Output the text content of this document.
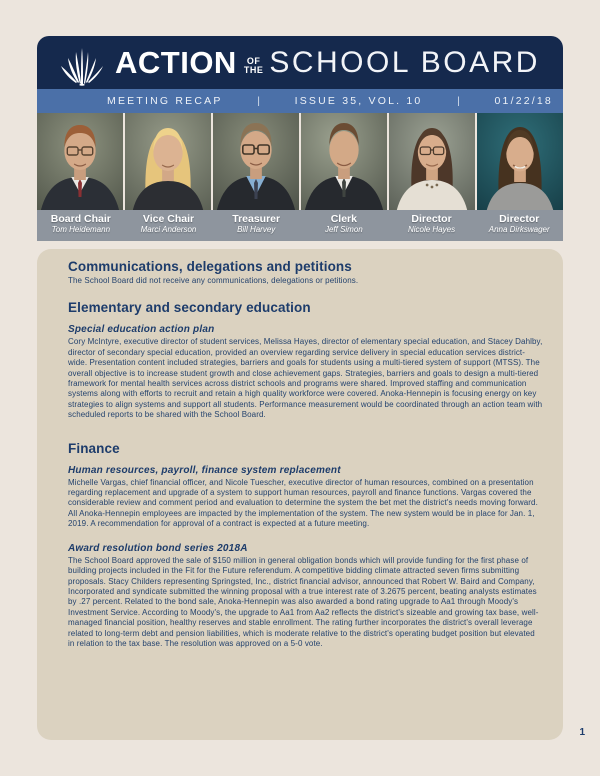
ACTION OF
THE SCHOOL BOARD
MEETING RECAP	|	ISSUE 35, VOL. 10	|	01/22/18
Board Chair
Tom Heidemann
Vice Chair
Marci Anderson
Treasurer
Bill Harvey
Clerk
Jeff Simon
Director
Nicole Hayes
Director
Anna Dirkswager
Communications, delegations and petitions

The School Board did not receive any communications, delegations or petitions.

Elementary and secondary education
Special education action plan

Cory McIntyre, executive director of student services, Melissa Hayes, director of elementary special education, and Stacey Dahlby, director of secondary special education, provided an overview regarding service delivery in special education services district-wide. Presentation content included strategies, barriers and goals for students using a multi-tiered system of support (MTSS). The overall objective is to increase student growth and close achievement gaps. Strategies, barriers and goals to design a multi-tiered framework for mental health services across district schools and programs were shared. Improved staffing and communication systems along with efforts to recruit and retain a high quality workforce were covered. Anoka-Hennepin is focusing energy on key strategies to align systems and support all students. Performance measurement would be coordinated through an action team with scheduled reports to be shared with the School Board.

Finance
Human resources, payroll, finance system replacement

Michelle Vargas, chief financial officer, and Nicole Tuescher, executive director of human resources, combined on a presentation regarding replacement and upgrade of a system to support human resources, payroll and finance functions. Vargas covered the considerable review and comment period and evaluation to determine the system the bet met the district's needs moving forward. All Anoka-Hennepin employees are impacted by the implementation of the system. The new system would be in place for Jan. 1, 2019. A recommendation for approval of a contract is expected at a future meeting.

Award resolution bond series 2018A

The School Board approved the sale of $150 million in general obligation bonds which will provide funding for the first phase of building projects included in the Fit for the Future referendum. A competitive bidding climate attracted seven firms submitting proposals. Stacy Childers representing Springsted, Inc., district financial advisor, announced that Robert W. Baird and Company, Incorporated and syndicate submitted the winning proposal with a true interest rate of 3.2675 percent, beating analysts estimates by .27 percent. Related to the bond sale, Anoka-Hennepin was also awarded a bond rating upgrade to Aa1 through Moody's Investment Service. According to Moody's, the upgrade to Aa1 from Aa2 reflects the district's sizeable and growing tax base, well-managed financial position, healthy reserves and stable enrollment. The rating further incorporates the district's overall leverage related to long-term debt and pension liabilities, which is moderate relative to the district's operating budget position but elevated in relation to the tax base. The resolution was approved on a 5-0 vote.

1
